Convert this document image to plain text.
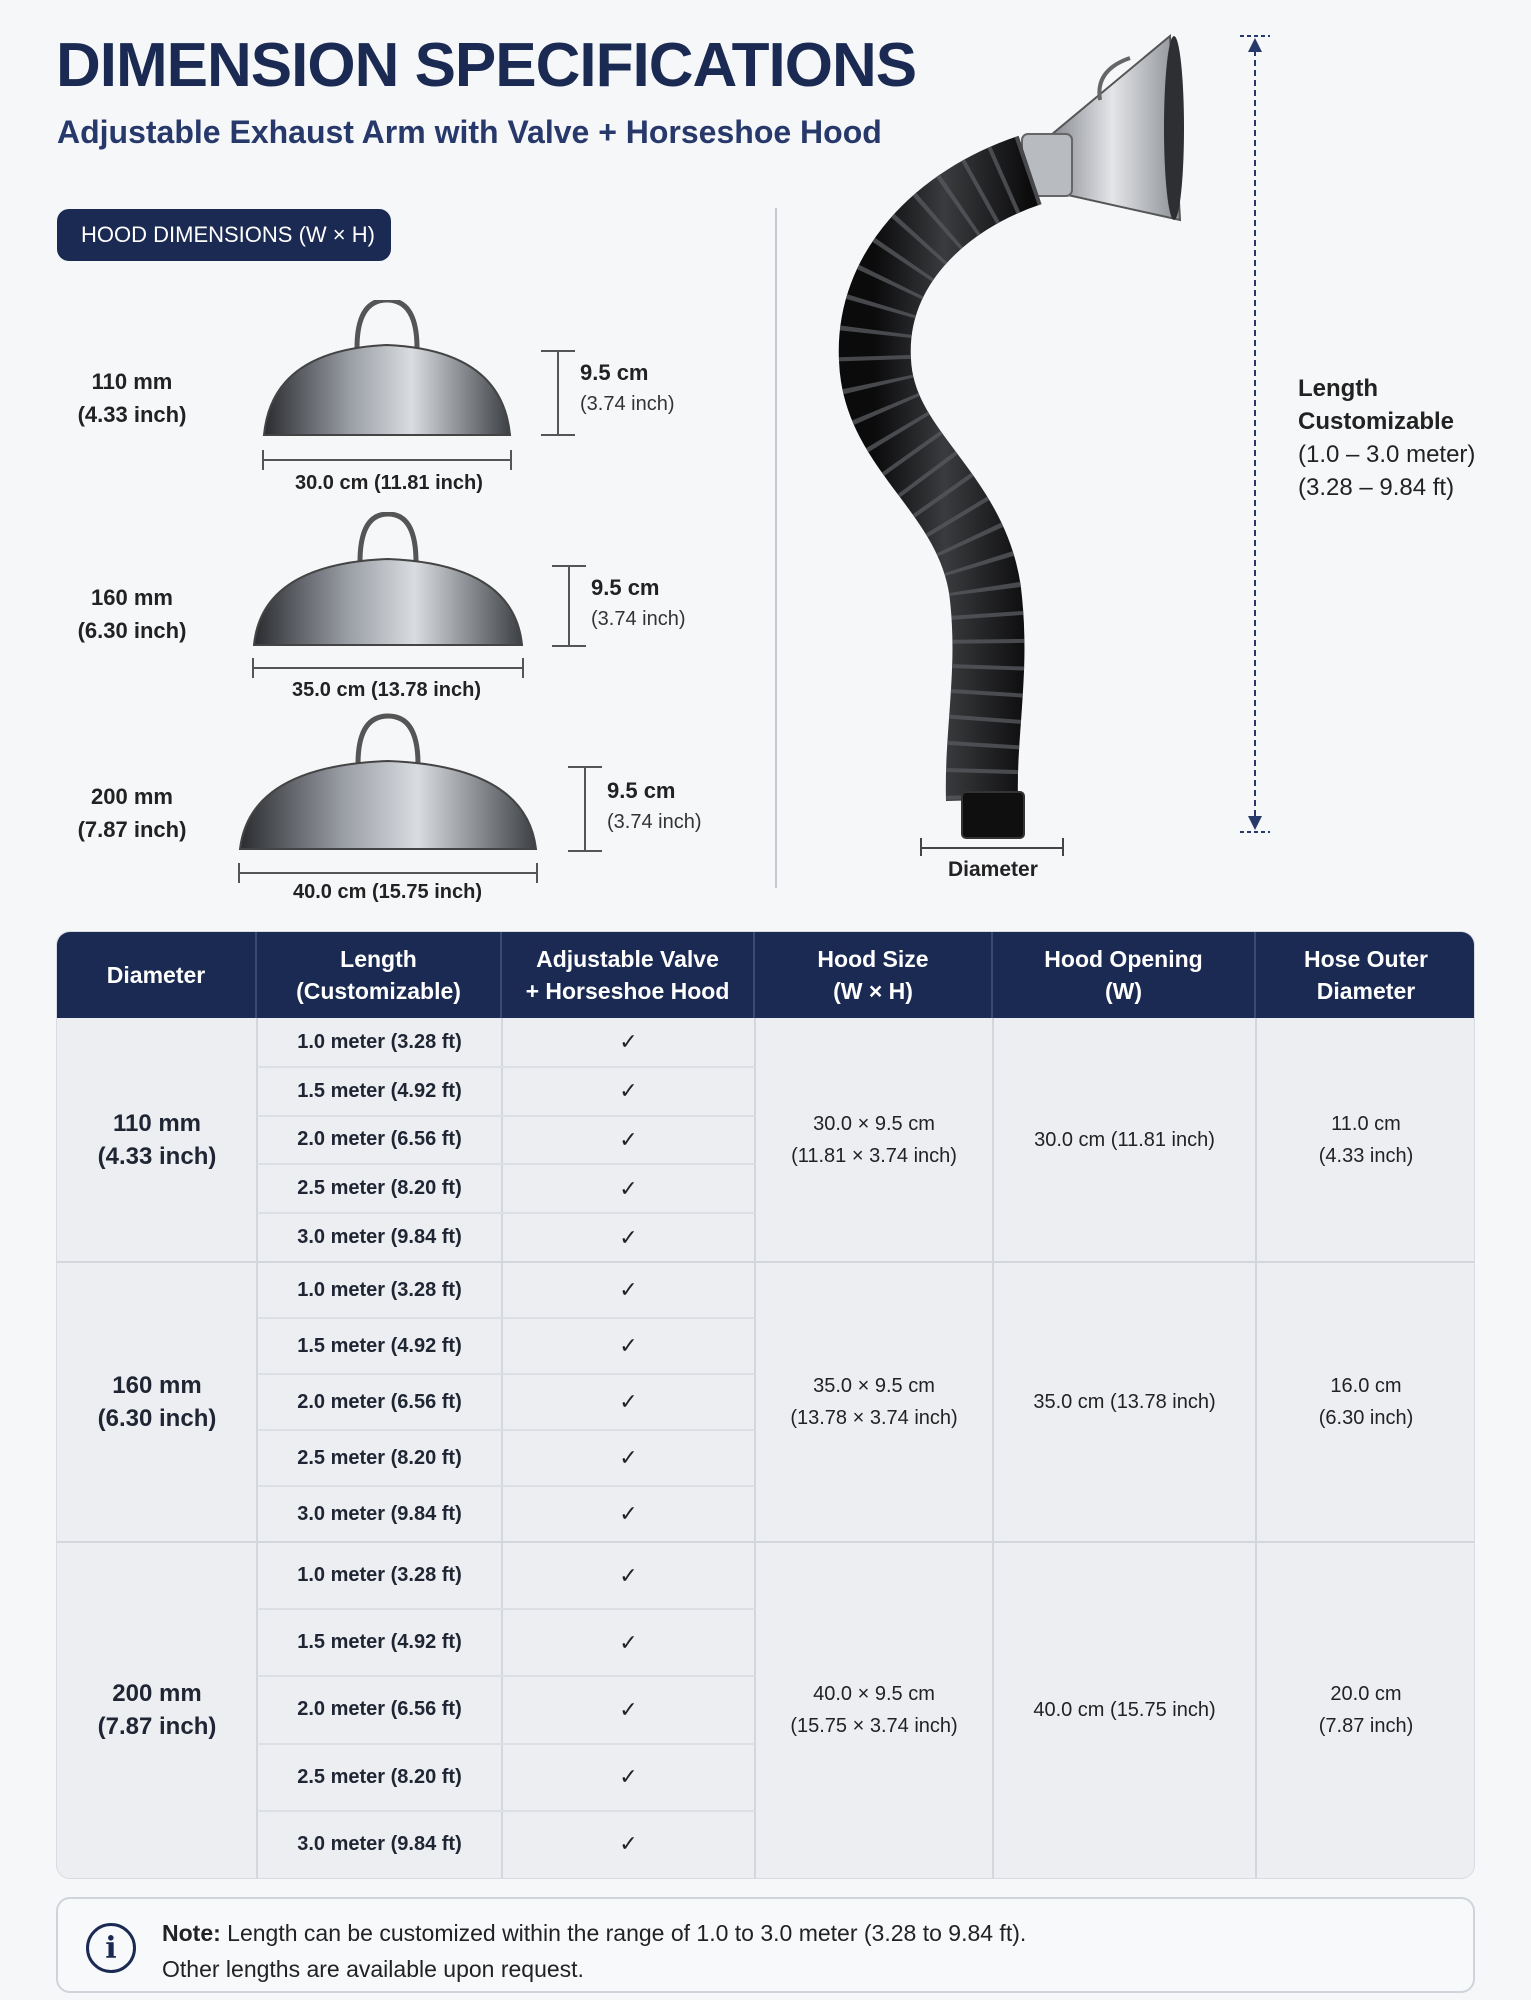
DIMENSION SPECIFICATIONS
Adjustable Exhaust Arm with Valve + Horseshoe Hood
HOOD DIMENSIONS (W × H)
110 mm
(4.33 inch)
9.5 cm
(3.74 inch)
30.0 cm (11.81 inch)
160 mm
(6.30 inch)
9.5 cm
(3.74 inch)
35.0 cm (13.78 inch)
200 mm
(7.87 inch)
9.5 cm
(3.74 inch)
40.0 cm (15.75 inch)
Length
Customizable
(1.0 – 3.0 meter)
(3.28 – 9.84 ft)
Diameter
Diameter
Length
(Customizable)
Adjustable Valve
+ Horseshoe Hood
Hood Size
(W × H)
Hood Opening
(W)
Hose Outer
Diameter
110 mm
(4.33 inch)
1.0 meter (3.28 ft)	✓
1.5 meter (4.92 ft)	✓
2.0 meter (6.56 ft)	✓
2.5 meter (8.20 ft)	✓
3.0 meter (9.84 ft)	✓
30.0 × 9.5 cm
(11.81 × 3.74 inch)
30.0 cm (11.81 inch)
11.0 cm
(4.33 inch)
160 mm
(6.30 inch)
1.0 meter (3.28 ft)	✓
1.5 meter (4.92 ft)	✓
2.0 meter (6.56 ft)	✓
2.5 meter (8.20 ft)	✓
3.0 meter (9.84 ft)	✓
35.0 × 9.5 cm
(13.78 × 3.74 inch)
35.0 cm (13.78 inch)
16.0 cm
(6.30 inch)
200 mm
(7.87 inch)
1.0 meter (3.28 ft)	✓
1.5 meter (4.92 ft)	✓
2.0 meter (6.56 ft)	✓
2.5 meter (8.20 ft)	✓
3.0 meter (9.84 ft)	✓
40.0 × 9.5 cm
(15.75 × 3.74 inch)
40.0 cm (15.75 inch)
20.0 cm
(7.87 inch)
i	Note: Length can be customized within the range of 1.0 to 3.0 meter (3.28 to 9.84 ft).
Other lengths are available upon request.
